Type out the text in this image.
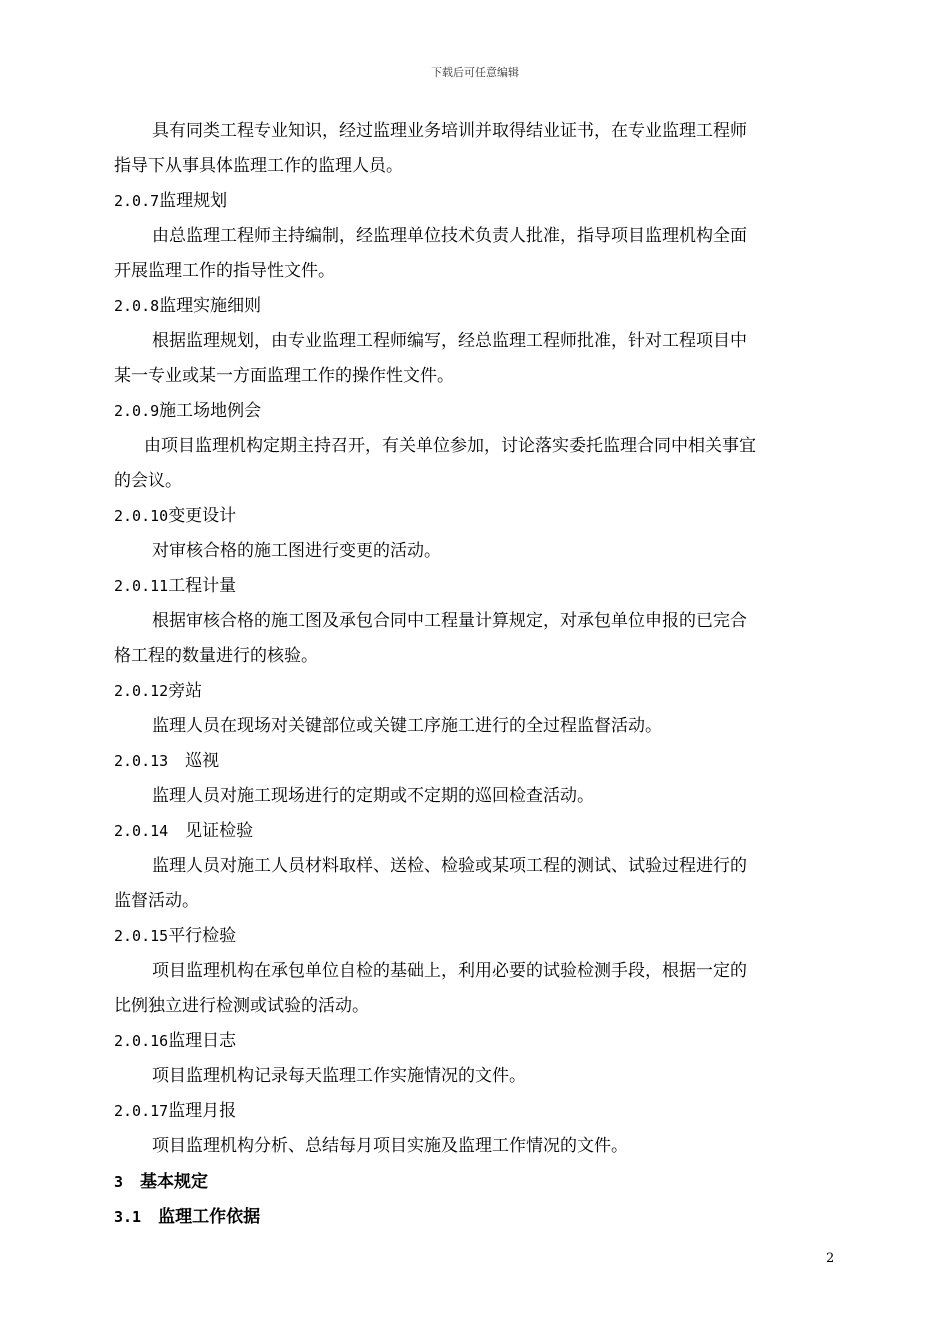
下载后可任意编辑
具有同类工程专业知识，经过监理业务培训并取得结业证书，在专业监理工程师
指导下从事具体监理工作的监理人员。
2.0.7监理规划
由总监理工程师主持编制，经监理单位技术负责人批准，指导项目监理机构全面
开展监理工作的指导性文件。
2.0.8监理实施细则
根据监理规划，由专业监理工程师编写，经总监理工程师批准，针对工程项目中
某一专业或某一方面监理工作的操作性文件。
2.0.9施工场地例会
由项目监理机构定期主持召开，有关单位参加，讨论落实委托监理合同中相关事宜
的会议。
2.0.10变更设计
对审核合格的施工图进行变更的活动。
2.0.11工程计量
根据审核合格的施工图及承包合同中工程量计算规定，对承包单位申报的已完合
格工程的数量进行的核验。
2.0.12旁站
监理人员在现场对关键部位或关键工序施工进行的全过程监督活动。
2.0.13　巡视
监理人员对施工现场进行的定期或不定期的巡回检查活动。
2.0.14　见证检验
监理人员对施工人员材料取样、送检、检验或某项工程的测试、试验过程进行的
监督活动。
2.0.15平行检验
项目监理机构在承包单位自检的基础上，利用必要的试验检测手段，根据一定的
比例独立进行检测或试验的活动。
2.0.16监理日志
项目监理机构记录每天监理工作实施情况的文件。
2.0.17监理月报
项目监理机构分析、总结每月项目实施及监理工作情况的文件。
3　基本规定
3.1　监理工作依据
2
